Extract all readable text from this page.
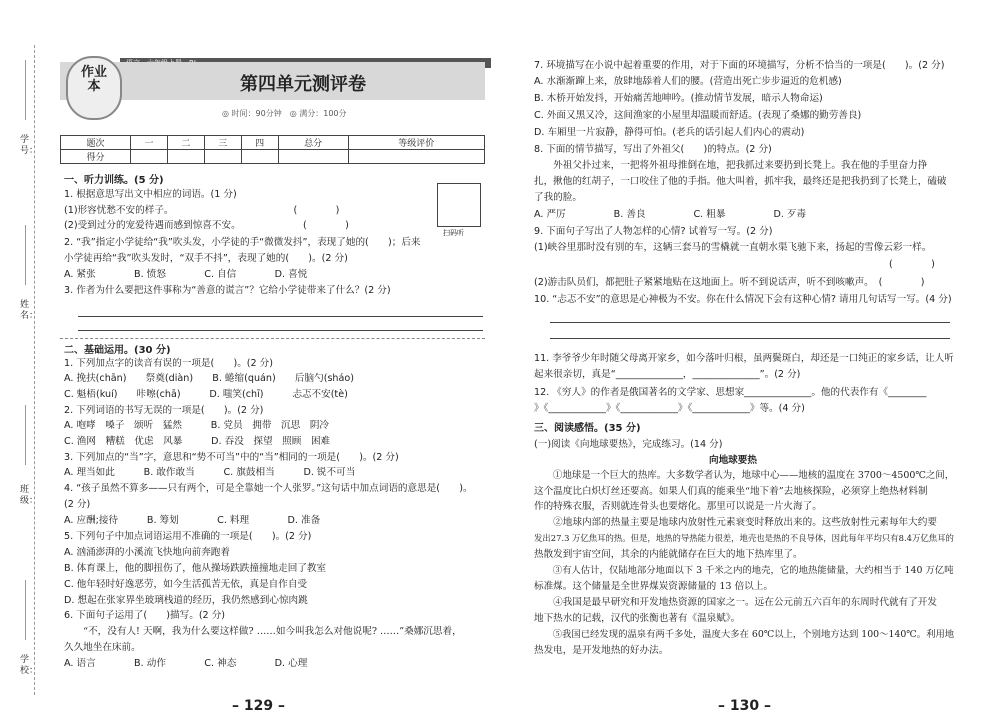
学号：
姓名：
班级：
学校：
作业本	第四单元测评卷
◎ 时间：90分钟　◎ 满分：100分
题次	一	二	三	四	总分	等级评价
得分						
扫码听
一、听力训练。(5 分)
1. 根据意思写出文中相应的词语。(1 分)
(1)形容忧愁不安的样子。　　　　　　　　　　　　　(　　　　)
(2)受到过分的宠爱待遇而感到惊喜不安。　　　　　　　(　　　　)
2. “我”指定小学徒给“我”吹头发，小学徒的手“微微发抖”，表现了她的(　　)；后来
小学徒再给“我”吹头发时，“双手不抖”，表现了她的(　　)。(2 分)
A. 紧张　　　　B. 愤怒　　　　C. 自信　　　　D. 喜悦
3. 作者为什么要把这件事称为“善意的谎言”？它给小学徒带来了什么？(2 分)
二、基础运用。(30 分)
1. 下列加点字的读音有误的一项是(　　)。(2 分)
A. 挽扶(chān)　　祭奠(diàn)　　B. 蜷缩(quán)　　后脑勺(sháo)
C. 魁梧(kuí)　　咔嚓(chā)　　　D. 嗤笑(chī)　　　忐忑不安(tè)
2. 下列词语的书写无误的一项是(　　)。(2 分)
A. 咆哮　嗓子　颂听　猛然　　　B. 党员　拥带　沉思　阴冷
C. 渔网　糟糕　优虑　风暴　　　D. 吞没　探望　照顾　困难
3. 下列加点的“当”字，意思和“势不可当”中的“当”相同的一项是(　　)。(2 分)
A. 理当如此　　　B. 敢作敢当　　　C. 旗鼓相当　　　D. 锐不可当
4. “孩子虽然不算多——只有两个，可是全靠她一个人张罗。”这句话中加点词语的意思是(　　)。
(2 分)
A. 应酬;接待　　　B. 筹划　　　　C. 料理　　　　D. 准备
5. 下列句子中加点词语运用不准确的一项是(　　)。(2 分)
A. 汹涌澎湃的小溪流飞快地向前奔跑着
B. 体育课上，他的脚扭伤了，他从操场跌跌撞撞地走回了教室
C. 他年轻时好逸恶劳，如今生活孤苦无依，真是自作自受
D. 想起在张家界坐玻璃栈道的经历，我仍然感到心惊肉跳
6. 下面句子运用了(　　)描写。(2 分)
　　“不，没有人! 天啊，我为什么要这样做? ……如今叫我怎么对他说呢? ……”桑娜沉思着，
久久地坐在床前。
A. 语言　　　　B. 动作　　　　C. 神态　　　　D. 心理
7. 环境描写在小说中起着重要的作用，对于下面的环境描写，分析不恰当的一项是(　　)。(2 分)
A. 水渐渐蹿上来，放肆地舔着人们的腰。(营造出死亡步步逼近的危机感)
B. 木桥开始发抖，开始痛苦地呻吟。(推动情节发展，暗示人物命运)
C. 外面又黑又冷，这间渔家的小屋里却温暖而舒适。(表现了桑娜的勤劳善良)
D. 车厢里一片寂静，静得可怕。(老兵的话引起人们内心的震动)
8. 下面的情节描写，写出了外祖父(　　)的特点。(2 分)
　　外祖父扑过来，一把将外祖母推倒在地，把我抓过来要扔到长凳上。我在他的手里奋力挣
扎，揪他的红胡子，一口咬住了他的手指。他大叫着，抓牢我，最终还是把我扔到了长凳上，磕破
了我的脸。
A. 严厉　　　　　B. 善良　　　　　C. 粗暴　　　　　D. 歹毒
9. 下面句子写出了人物怎样的心情? 试着写一写。(2 分)
(1)峡谷里那时没有别的车，这辆三套马的雪橇就一直朝水渠飞驰下来，扬起的雪像云彩一样。
　　　　　　　　　　　　　　　　　　　　　　　　　　　　　　　　　　　　　(　　　　)
(2)游击队员们，都把肚子紧紧地贴在这地面上。听不到说话声，听不到咳嗽声。　(　　　　)
10. “忐忑不安”的意思是心神极为不安。你在什么情况下会有这种心情? 请用几句话写一写。(4 分)
11. 李爷爷少年时随父母离开家乡，如今落叶归根，虽两鬓斑白，却还是一口纯正的家乡话，让人听
起来很亲切，真是“______________，______________”。(2 分)
12. 《穷人》的作者是俄国著名的文学家、思想家______________。他的代表作有《________
》《____________》《____________》《____________》等。(4 分)
三、阅读感悟。(35 分)
(一)阅读《向地球要热》，完成练习。(14 分)
向地球要热
　　①地球是一个巨大的热库。大多数学者认为，地球中心——地核的温度在 3700～4500℃之间，
这个温度比白炽灯丝还要高。如果人们真的能乘坐“地下着”去地核探险，必须穿上绝热材料制
作的特殊衣服，否则就连骨头也要熔化。那里可以说是一片火海了。
　　②地球内部的热量主要是地球内放射性元素衰变时释放出来的。这些放射性元素每年大约要
发出27.3 万亿焦耳的热。但是，地热的导热能力很差，地壳也是热的不良导体，因此每年平均只有8.4万亿焦耳的
热散发到宇宙空间，其余的内能就储存在巨大的地下热库里了。
　　③有人估计，仅陆地部分地面以下 3 千米之内的地壳，它的地热能储量，大约相当于 140 万亿吨
标准煤。这个储量是全世界煤炭资源储量的 13 倍以上。
　　④我国是最早研究和开发地热资源的国家之一。远在公元前五六百年的东周时代就有了开发
地下热水的记载，汉代的张衡也著有《温泉赋》。
　　⑤我国已经发现的温泉有两千多处，温度大多在 60℃以上，个别地方达到 100～140℃。利用地
热发电，是开发地热的好办法。
– 129 –	– 130 –
